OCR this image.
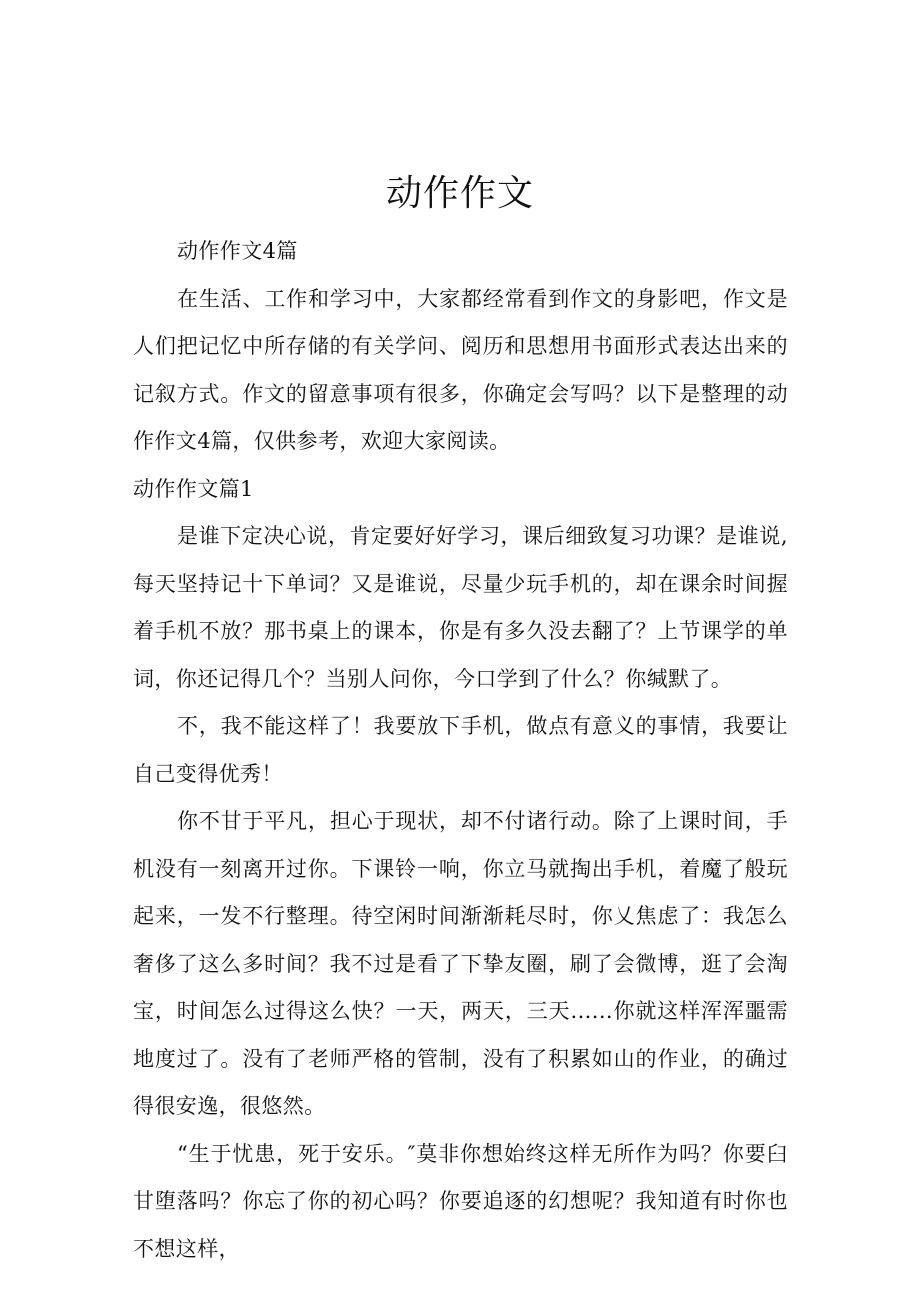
动作作文

动作作文4篇

在生活、工作和学习中，大家都经常看到作文的身影吧，作文是人们把记忆中所存储的有关学问、阅历和思想用书面形式表达出来的记叙方式。作文的留意事项有很多，你确定会写吗？以下是整理的动作作文4篇，仅供参考，欢迎大家阅读。

动作作文篇1

是谁下定决心说，肯定要好好学习，课后细致复习功课？是谁说,每天坚持记十下单词？又是谁说，尽量少玩手机的，却在课余时间握着手机不放？那书桌上的课本，你是有多久没去翻了？上节课学的单词，你还记得几个？当别人问你，今口学到了什么？你缄默了。

不，我不能这样了！我要放下手机，做点有意义的事情，我要让自己变得优秀！

你不甘于平凡，担心于现状，却不付诸行动。除了上课时间，手机没有一刻离开过你。下课铃一响，你立马就掏出手机，着魔了般玩起来，一发不行整理。待空闲时间渐渐耗尽时，你乂焦虑了：我怎么奢侈了这么多时间？我不过是看了下挚友圈，刷了会微博，逛了会淘宝，时间怎么过得这么快？一天，两天，三天......你就这样浑浑噩需地度过了。没有了老师严格的管制，没有了积累如山的作业，的确过得很安逸，很悠然。

“生于忧患，死于安乐。″莫非你想始终这样无所作为吗？你要臼甘堕落吗？你忘了你的初心吗？你要追逐的幻想呢？我知道有时你也不想这样，
